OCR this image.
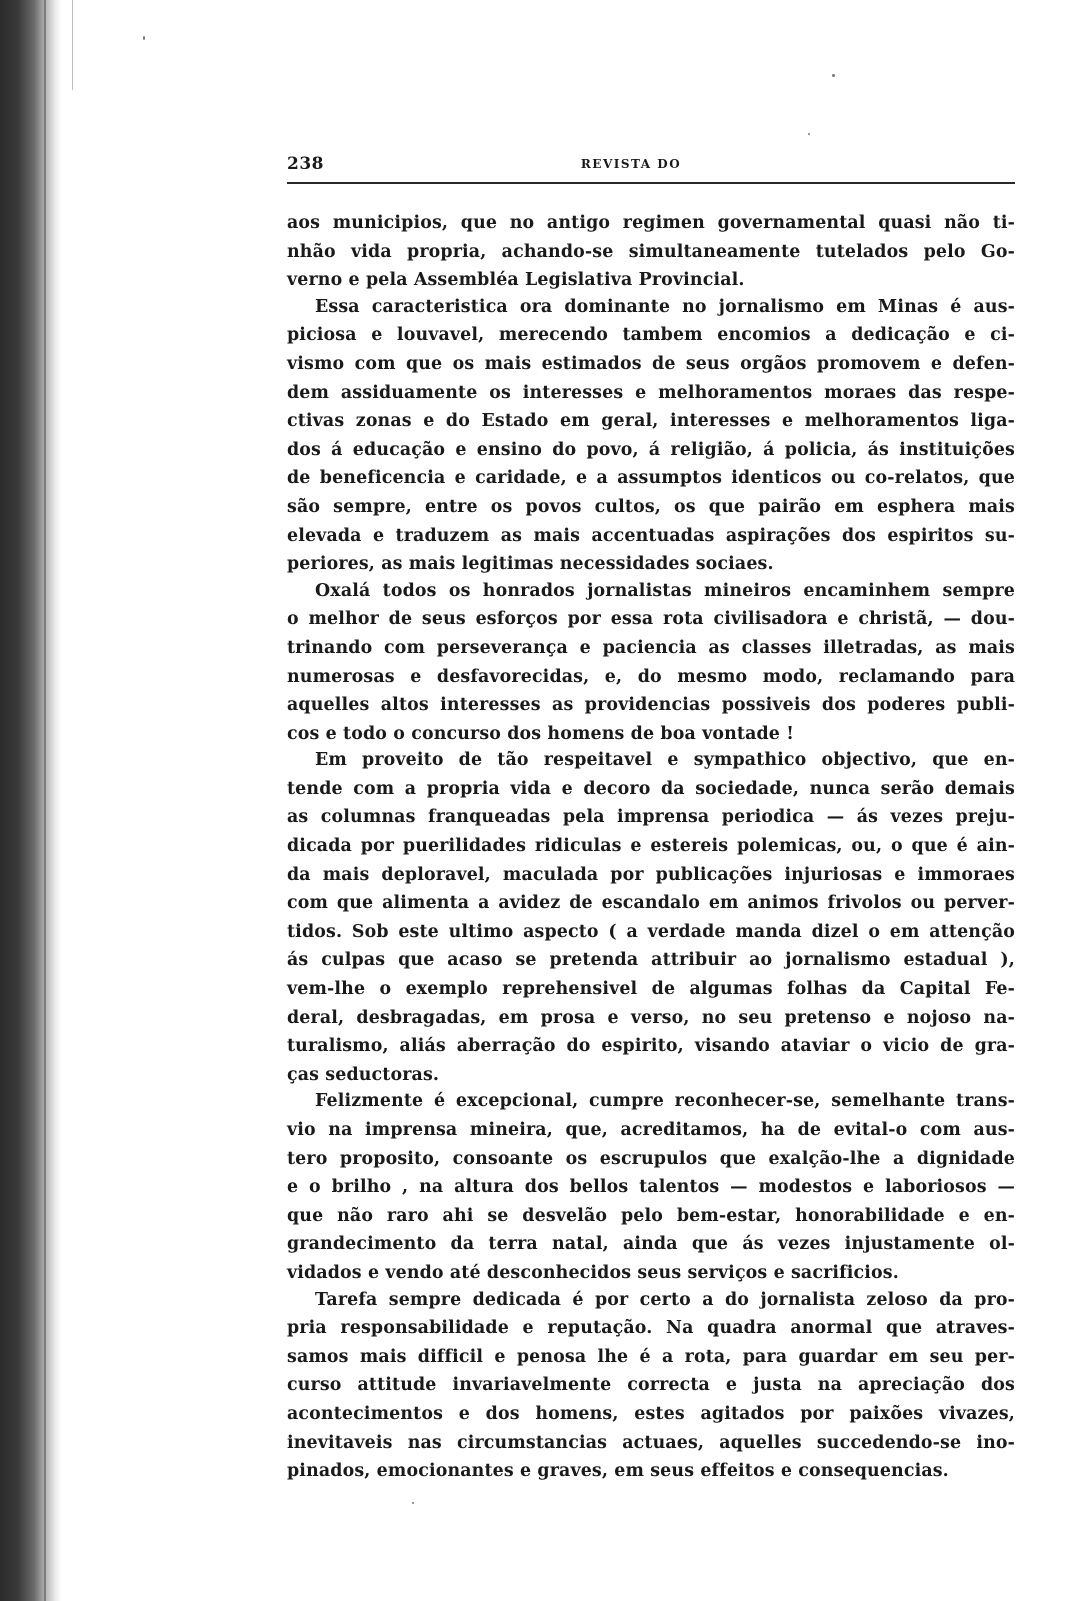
238	REVISTA DO

aos municipios, que no antigo regimen governamental quasi não ti-

nhão vida propria, achando-se simultaneamente tutelados pelo Go-

verno e pela Assembléa Legislativa Provincial.

Essa caracteristica ora dominante no jornalismo em Minas é aus-

piciosa e louvavel, merecendo tambem encomios a dedicação e ci-

vismo com que os mais estimados de seus orgãos promovem e defen-

dem assiduamente os interesses e melhoramentos moraes das respe-

ctivas zonas e do Estado em geral, interesses e melhoramentos liga-

dos á educação e ensino do povo, á religião, á policia, ás instituições

de beneficencia e caridade, e a assumptos identicos ou co-relatos, que

são sempre, entre os povos cultos, os que pairão em esphera mais

elevada e traduzem as mais accentuadas aspirações dos espiritos su-

periores, as mais legitimas necessidades sociaes.

Oxalá todos os honrados jornalistas mineiros encaminhem sempre

o melhor de seus esforços por essa rota civilisadora e christã, — dou-

trinando com perseverança e paciencia as classes illetradas, as mais

numerosas e desfavorecidas, e, do mesmo modo, reclamando para

aquelles altos interesses as providencias possiveis dos poderes publi-

cos e todo o concurso dos homens de boa vontade !

Em proveito de tão respeitavel e sympathico objectivo, que en-

tende com a propria vida e decoro da sociedade, nunca serão demais

as columnas franqueadas pela imprensa periodica — ás vezes preju-

dicada por puerilidades ridiculas e estereis polemicas, ou, o que é ain-

da mais deploravel, maculada por publicações injuriosas e immoraes

com que alimenta a avidez de escandalo em animos frivolos ou perver-

tidos. Sob este ultimo aspecto ( a verdade manda dizel o em attenção

ás culpas que acaso se pretenda attribuir ao jornalismo estadual ),

vem-lhe o exemplo reprehensivel de algumas folhas da Capital Fe-

deral, desbragadas, em prosa e verso, no seu pretenso e nojoso na-

turalismo, aliás aberração do espirito, visando ataviar o vicio de gra-

ças seductoras.

Felizmente é excepcional, cumpre reconhecer-se, semelhante trans-

vio na imprensa mineira, que, acreditamos, ha de evital-o com aus-

tero proposito, consoante os escrupulos que exalção-lhe a dignidade

e o brilho , na altura dos bellos talentos — modestos e laboriosos —

que não raro ahi se desvelão pelo bem-estar, honorabilidade e en-

grandecimento da terra natal, ainda que ás vezes injustamente ol-

vidados e vendo até desconhecidos seus serviços e sacrificios.

Tarefa sempre dedicada é por certo a do jornalista zeloso da pro-

pria responsabilidade e reputação. Na quadra anormal que atraves-

samos mais difficil e penosa lhe é a rota, para guardar em seu per-

curso attitude invariavelmente correcta e justa na apreciação dos

acontecimentos e dos homens, estes agitados por paixões vivazes,

inevitaveis nas circumstancias actuaes, aquelles succedendo-se ino-

pinados, emocionantes e graves, em seus effeitos e consequencias.
